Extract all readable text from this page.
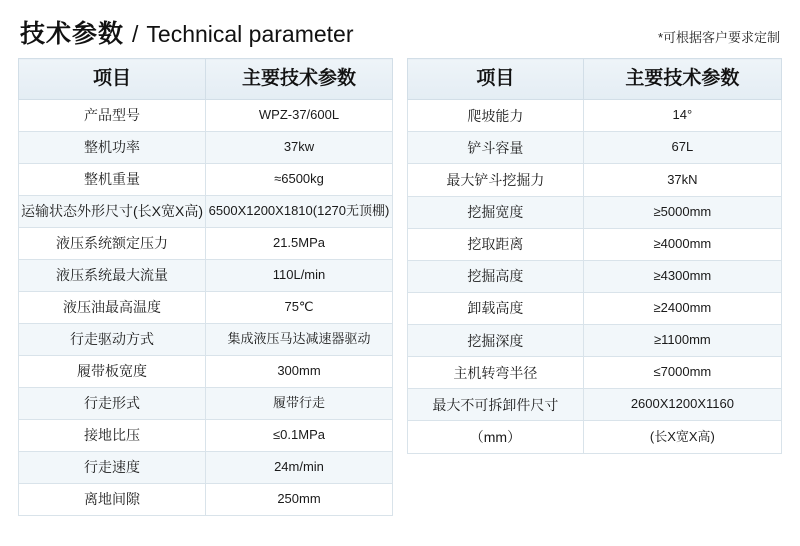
技术参数 / Technical parameter	*可根据客户要求定制
项目	主要技术参数
产品型号	WPZ-37/600L
整机功率	37kw
整机重量	≈6500kg
运输状态外形尺寸(长X宽X高)	6500X1200X1810(1270无顶棚)
液压系统额定压力	21.5MPa
液压系统最大流量	110L/min
液压油最高温度	75℃
行走驱动方式	集成液压马达减速器驱动
履带板宽度	300mm
行走形式	履带行走
接地比压	≤0.1MPa
行走速度	24m/min
离地间隙	250mm
项目	主要技术参数
爬坡能力	14°
铲斗容量	67L
最大铲斗挖掘力	37kN
挖掘宽度	≥5000mm
挖取距离	≥4000mm
挖掘高度	≥4300mm
卸载高度	≥2400mm
挖掘深度	≥1100mm
主机转弯半径	≤7000mm
最大不可拆卸件尺寸	2600X1200X1160
（mm）	(长X宽X高)
